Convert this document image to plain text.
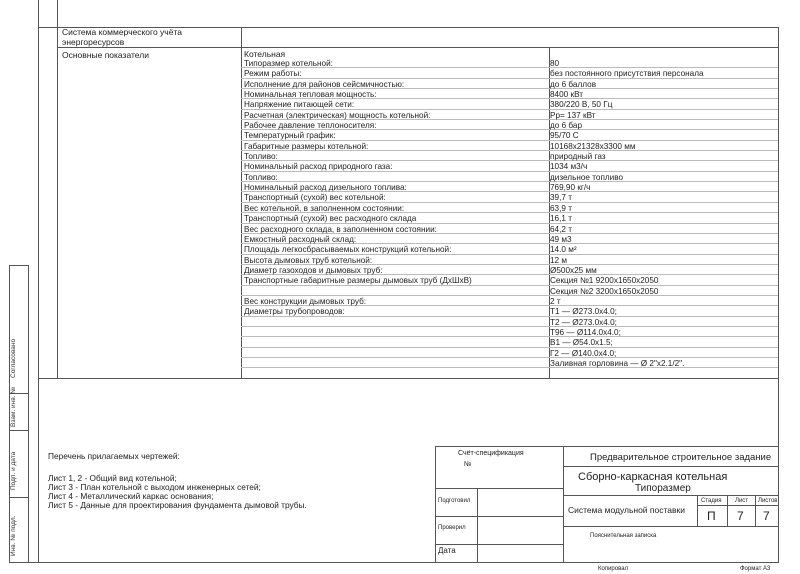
Согласовано
Взам. инв. №
Подп. и дата
Инв. № подл.
Система коммерческого учёта
энергоресурсов
Основные показатели	Котельная
Типоразмер котельной:	80
Режим работы:	без постоянного присутствия персонала
Исполнение для районов сейсмичностью:	до 6 баллов
Номинальная тепловая мощность:	8400 кВт
Напряжение питающей сети:	380/220 В, 50 Гц
Расчетная (электрическая) мощность котельной:	Рр= 137 кВт
Рабочее давление теплоносителя:	до 6 бар
Температурный график:	95/70 С
Габаритные размеры котельной:	10168х21328х3300 мм
Топливо:	природный газ
Номинальный расход природного газа:	1034 м3/ч
Топливо:	дизельное топливо
Номинальный расход дизельного топлива:	769,90 кг/ч
Транспортный (сухой) вес котельной:	39,7 т
Вес котельной, в заполненном состоянии:	63,9 т
Транспортный (сухой) вес расходного склада	16,1 т
Вес расходного склада, в заполненном состоянии:	64,2 т
Емкостный расходный склад:	49 м3
Площадь легкосбрасываемых конструкций котельной:	14.0 м²
Высота дымовых труб котельной:	12 м
Диаметр газоходов и дымовых труб:	Ø500х25 мм
Транспортные габаритные размеры дымовых труб (ДхШхВ)	Секция №1 9200х1650х2050
Секция №2 3200х1650х2050
Вес конструкции дымовых труб:	2 т
Диаметры трубопроводов:	Т1 — Ø273.0х4.0;
Т2 — Ø273.0х4.0;
Т96 — Ø114.0х4.0;
В1 — Ø54.0х1.5;
Г2 — Ø140.0х4.0;
Заливная горловина — Ø 2"х2.1/2".
Перечень прилагаемых чертежей:
Лист 1, 2 - Общий вид котельной;
Лист 3 - План котельной с выходом инженерных сетей;
Лист 4 - Металлический каркас основания;
Лист 5 - Данные для проектирования фундамента дымовой трубы.
Счёт-спецификация
№
Подготовил
Проверил
Дата
Предварительное строительное задание
Сборно-каркасная котельная
Типоразмер
Система модульной поставки
Пояснительная записка
Стадия Лист Листов
П 7 7
Копировал	Формат А3
